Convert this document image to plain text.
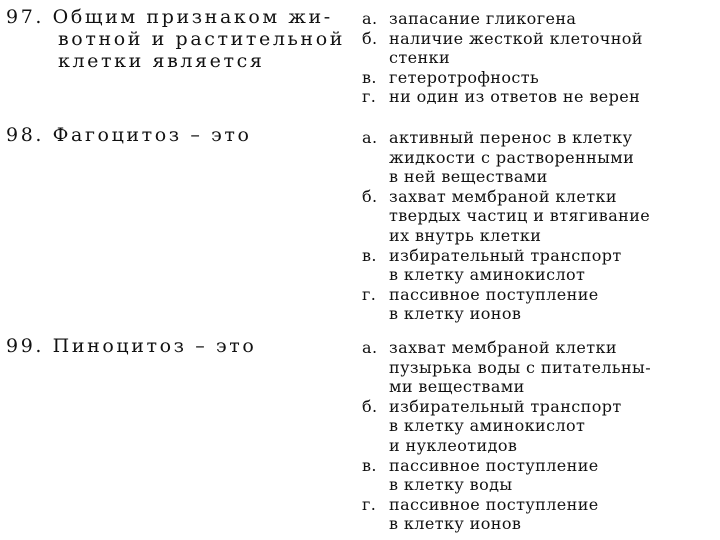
97. Общим признаком жи-
вотной и растительной
клетки является
а. запасание гликогена
б. наличие жесткой клеточной
стенки
в. гетеротрофность
г. ни один из ответов не верен
98. Фагоцитоз – это	а. активный перенос в клетку
жидкости с растворенными
в ней веществами
б. захват мембраной клетки
твердых частиц и втягивание
их внутрь клетки
в. избирательный транспорт
в клетку аминокислот
г. пассивное поступление
в клетку ионов
99. Пиноцитоз – это	а. захват мембраной клетки
пузырька воды с питательны-
ми веществами
б. избирательный транспорт
в клетку аминокислот
и нуклеотидов
в. пассивное поступление
в клетку воды
г. пассивное поступление
в клетку ионов
